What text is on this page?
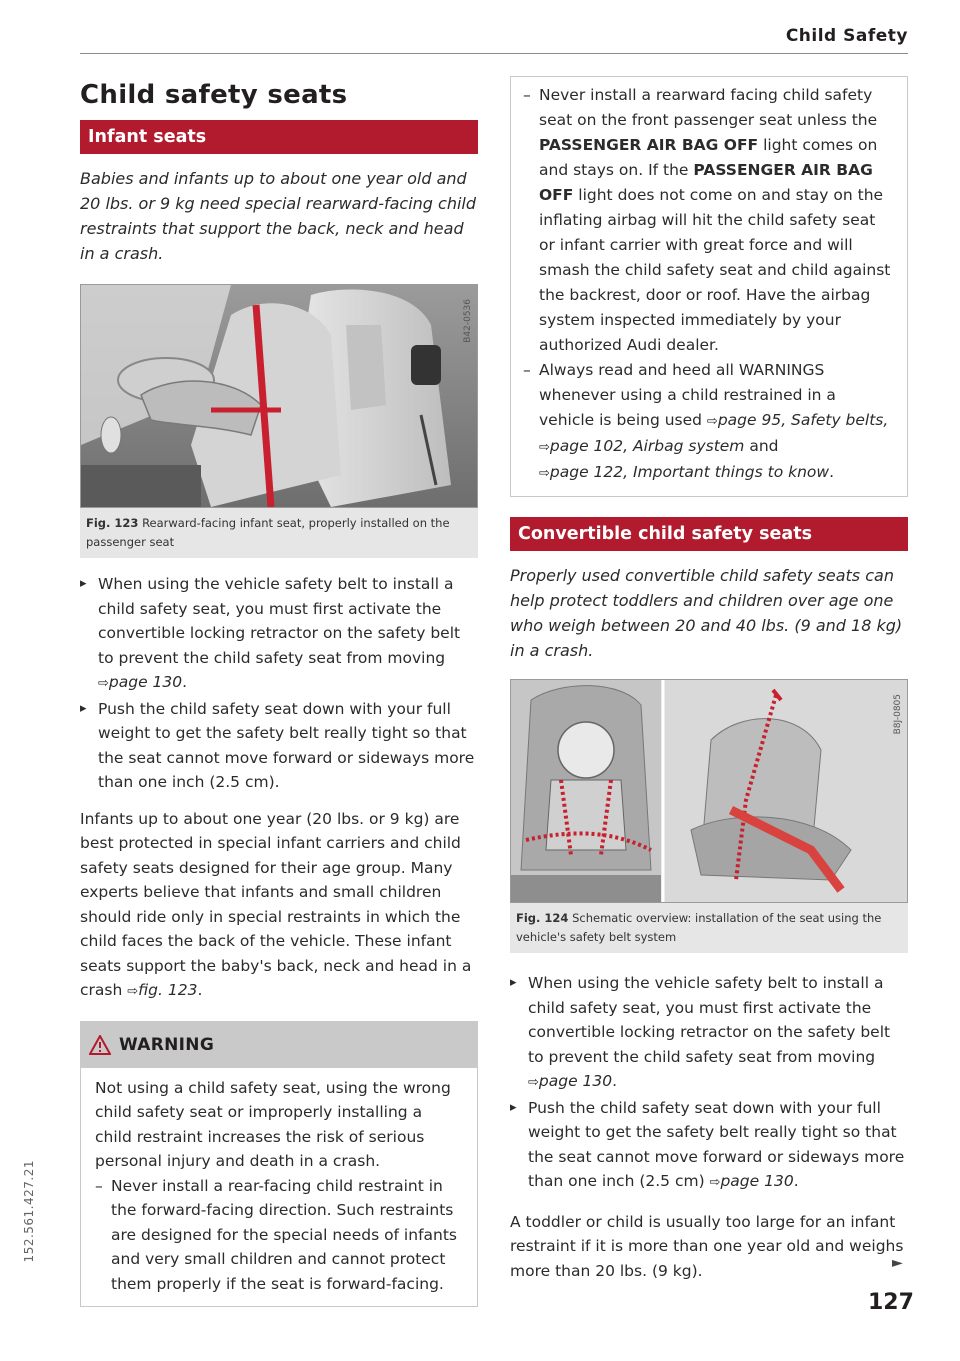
Child Safety
Child safety seats
Infant seats

Babies and infants up to about one year old and 20 lbs. or 9 kg need special rearward-facing child restraints that support the back, neck and head in a crash.

B42-0536
Fig. 123 Rearward-facing infant seat, properly installed on the passenger seat
▸ When using the vehicle safety belt to install a child safety seat, you must first activate the convertible locking retractor on the safety belt to prevent the child safety seat from moving ⇨page 130.
▸ Push the child safety seat down with your full weight to get the safety belt really tight so that the seat cannot move forward or sideways more than one inch (2.5 cm).

Infants up to about one year (20 lbs. or 9 kg) are best protected in special infant carriers and child safety seats designed for their age group. Many experts believe that infants and small children should ride only in special restraints in which the child faces the back of the vehicle. These infant seats support the baby's back, neck and head in a crash ⇨fig. 123.

WARNING

Not using a child safety seat, using the wrong child safety seat or improperly installing a child restraint increases the risk of serious personal injury and death in a crash.

– Never install a rear-facing child restraint in the forward-facing direction. Such restraints are designed for the special needs of infants and very small children and cannot protect them properly if the seat is forward-facing.
– Never install a rearward facing child safety seat on the front passenger seat unless the PASSENGER AIR BAG OFF light comes on and stays on. If the PASSENGER AIR BAG OFF light does not come on and stay on the inflating airbag will hit the child safety seat or infant carrier with great force and will smash the child safety seat and child against the backrest, door or roof. Have the airbag system inspected immediately by your authorized Audi dealer.
– Always read and heed all WARNINGS whenever using a child restrained in a vehicle is being used ⇨page 95, Safety belts,
⇨page 102, Airbag system and
⇨page 122, Important things to know.
Convertible child safety seats

Properly used convertible child safety seats can help protect toddlers and children over age one who weigh between 20 and 40 lbs. (9 and 18 kg) in a crash.

B8J-0805
Fig. 124 Schematic overview: installation of the seat using the vehicle's safety belt system
▸ When using the vehicle safety belt to install a child safety seat, you must first activate the convertible locking retractor on the safety belt to prevent the child safety seat from moving ⇨page 130.
▸ Push the child safety seat down with your full weight to get the safety belt really tight so that the seat cannot move forward or sideways more than one inch (2.5 cm) ⇨page 130.

A toddler or child is usually too large for an infant restraint if it is more than one year old and weighs more than 20 lbs. (9 kg).	►
127
152.561.427.21
